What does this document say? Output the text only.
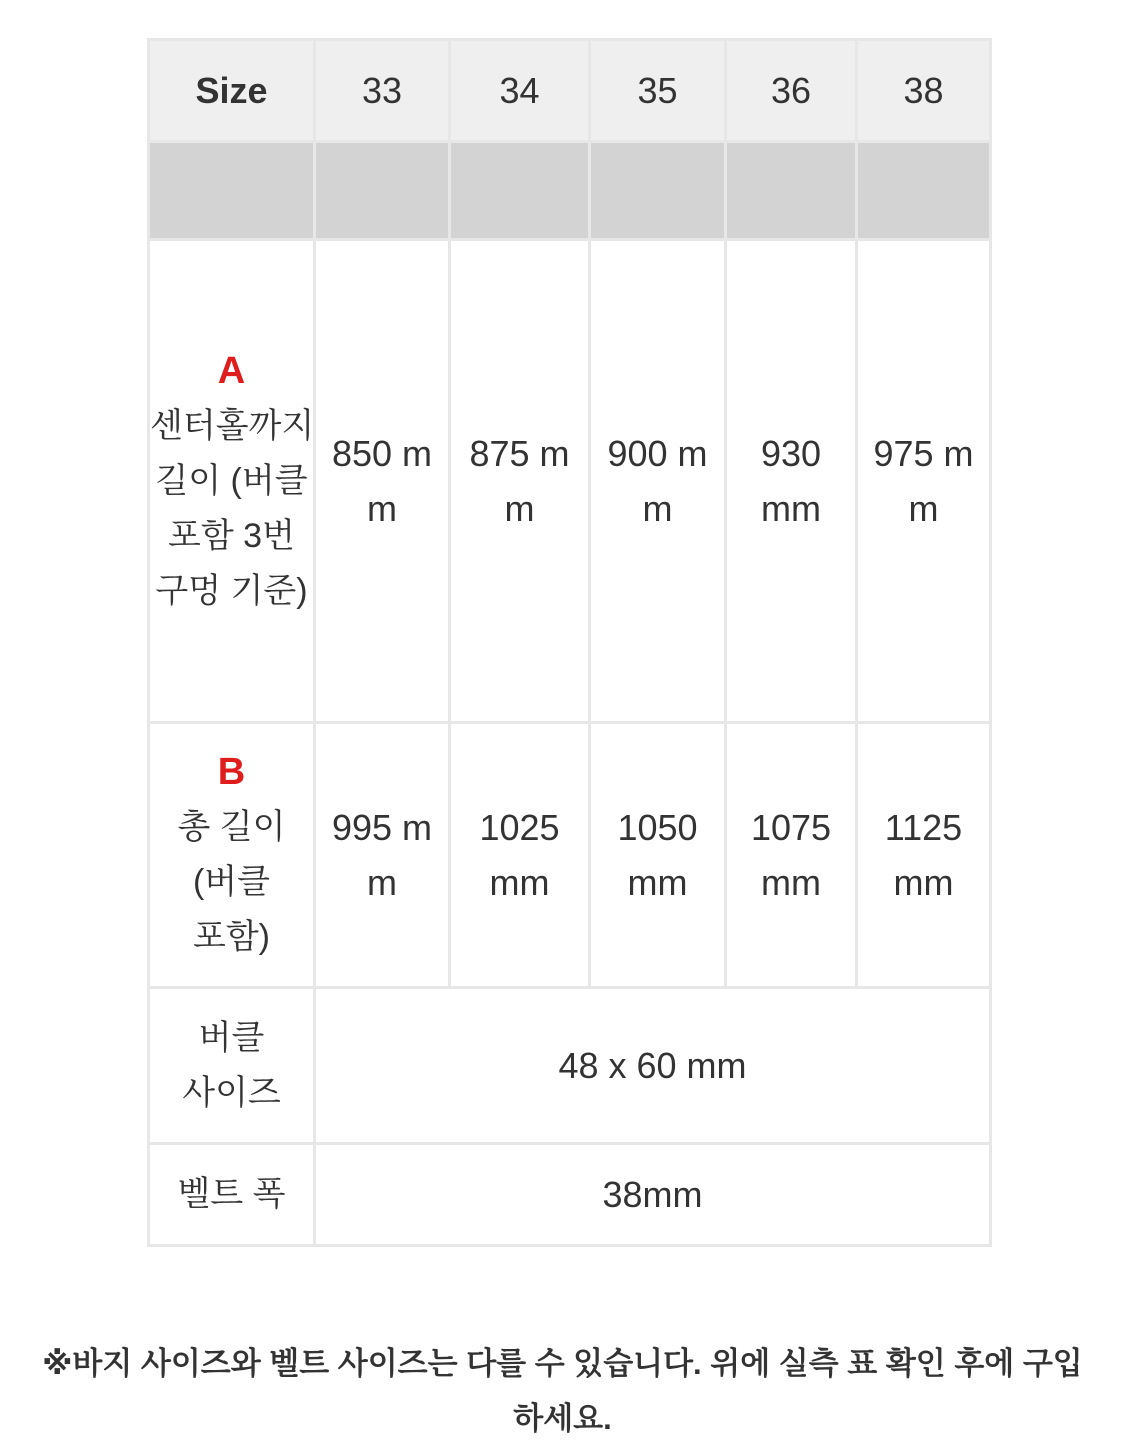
Size	33	34	35	36	38

A
센터홀까지 길이 (버클 포함 3번 구멍 기준)	850 mm	875 mm	900 mm	930 mm	975 mm

B
총 길이 (버클 포함)	995 mm	1025 mm	1050 mm	1075 mm	1125 mm

버클 사이즈	48 x 60 mm				

벨트 폭	38mm				

※바지 사이즈와 벨트 사이즈는 다를 수 있습니다. 위에 실측 표 확인 후에 구입하세요.
